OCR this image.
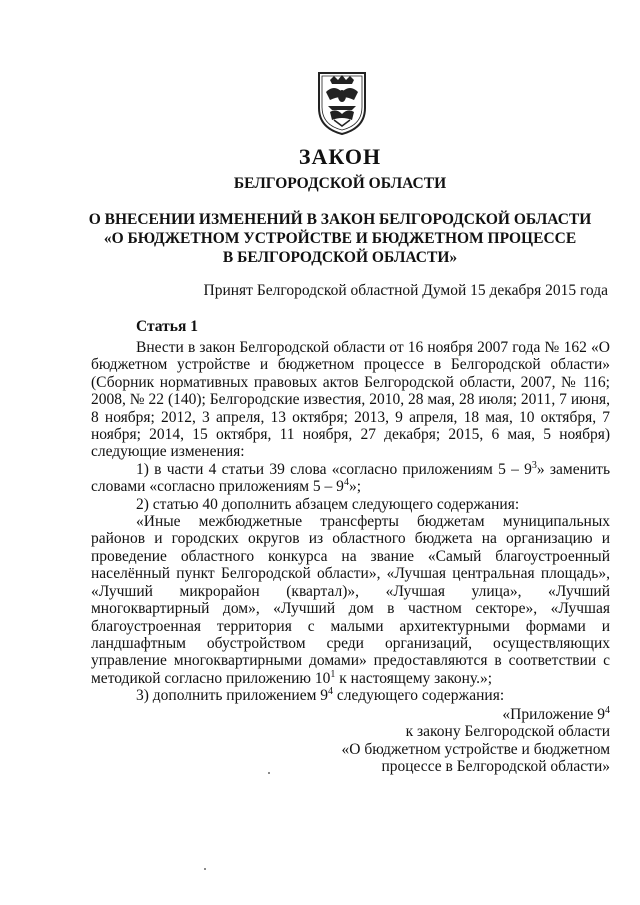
ЗАКОН
БЕЛГОРОДСКОЙ ОБЛАСТИ
О ВНЕСЕНИИ ИЗМЕНЕНИЙ В ЗАКОН БЕЛГОРОДСКОЙ ОБЛАСТИ
«О БЮДЖЕТНОМ УСТРОЙСТВЕ И БЮДЖЕТНОМ ПРОЦЕССЕ
В БЕЛГОРОДСКОЙ ОБЛАСТИ»
Принят Белгородской областной Думой 15 декабря 2015 года
Статья 1

Внести в закон Белгородской области от 16 ноября 2007 года № 162 «О бюджетном устройстве и бюджетном процессе в Белгородской области» (Сборник нормативных правовых актов Белгородской области, 2007, № 116; 2008, № 22 (140); Белгородские известия, 2010, 28 мая, 28 июля; 2011, 7 июня, 8 ноября; 2012, 3 апреля, 13 октября; 2013, 9 апреля, 18 мая, 10 октября, 7 ноября; 2014, 15 октября, 11 ноября, 27 декабря; 2015, 6 мая, 5 ноября) следующие изменения:

1) в части 4 статьи 39 слова «согласно приложениям $5 - 9^3$» заменить словами «согласно приложениям $5 - 9^4$»;

2) статью 40 дополнить абзацем следующего содержания:

«Иные межбюджетные трансферты бюджетам муниципальных районов и городских округов из областного бюджета на организацию и проведение областного конкурса на звание «Самый благоустроенный населённый пункт Белгородской области», «Лучшая центральная площадь», «Лучший микрорайон (квартал)», «Лучшая улица», «Лучший многоквартирный дом», «Лучший дом в частном секторе», «Лучшая благоустроенная территория с малыми архитектурными формами и ландшафтным обустройством среди организаций, осуществляющих управление многоквартирными домами» предоставляются в соответствии с методикой согласно приложению $10^1$ к настоящему закону.»;

3) дополнить приложением $9^4$ следующего содержания:

«Приложение $9^4$
к закону Белгородской области
«О бюджетном устройстве и бюджетном
процессе в Белгородской области»
